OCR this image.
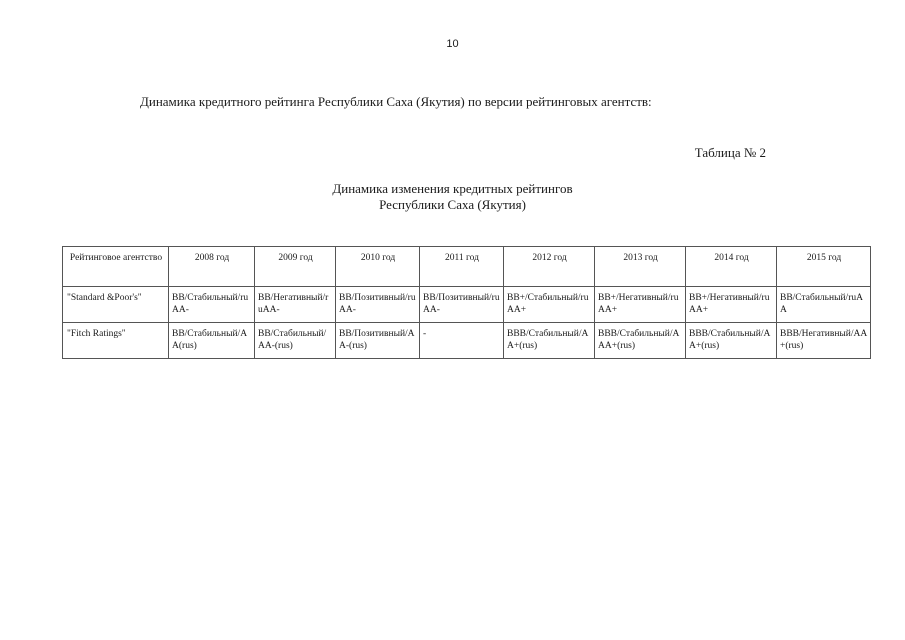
10
Динамика кредитного рейтинга Республики Саха (Якутия) по версии рейтинговых агентств:
Таблица № 2
Динамика изменения кредитных рейтингов
Республики Саха (Якутия)
Рейтинговое агентство	2008 год	2009 год	2010 год	2011 год	2012 год	2013 год	2014 год	2015 год
"Standard &Poor's"	ВВ/Стабильный/ruAA-	ВВ/Негативный/ruAA-	ВВ/Позитивный/ruAA-	ВВ/Позитивный/ruAA-	ВВ+/Стабильный/ruAA+	ВВ+/Негативный/ruAA+	ВВ+/Негативный/ruAA+	ВВ/Стабильный/ruAA
"Fitch Ratings"	ВВ/Стабильный/AA(rus)	ВВ/Стабильный/AA-(rus)	ВВ/Позитивный/AA-(rus)	-	ВВВ/Стабильный/AA+(rus)	ВВВ/Стабильный/AAA+(rus)	ВВВ/Стабильный/AA+(rus)	ВВВ/Негативный/AA+(rus)
